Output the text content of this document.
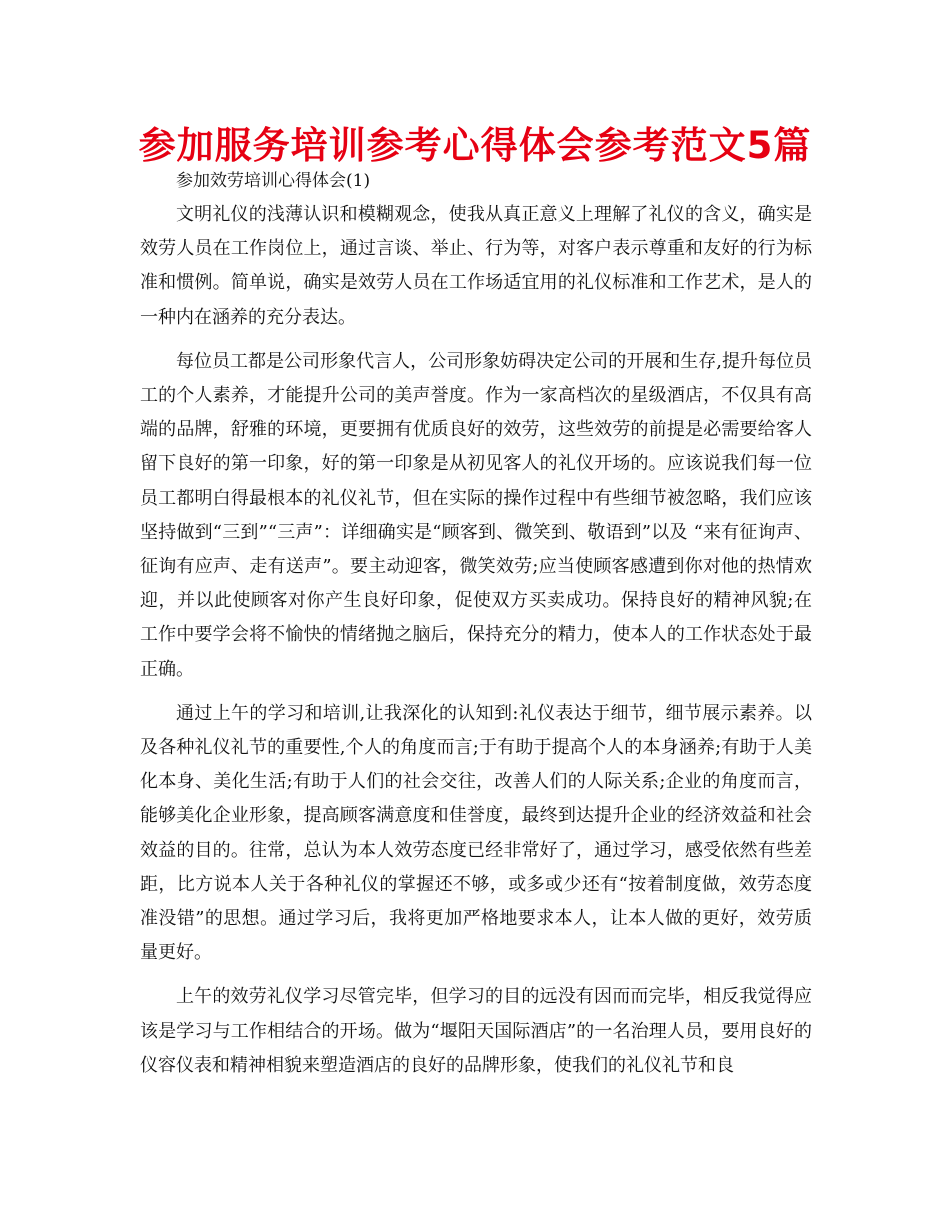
参加服务培训参考心得体会参考范文5篇

参加效劳培训心得体会(1)

文明礼仪的浅薄认识和模糊观念，使我从真正意义上理解了礼仪的含义，确实是效劳人员在工作岗位上，通过言谈、举止、行为等，对客户表示尊重和友好的行为标准和惯例。简单说，确实是效劳人员在工作场适宜用的礼仪标准和工作艺术，是人的一种内在涵养的充分表达。

每位员工都是公司形象代言人，公司形象妨碍决定公司的开展和生存,提升每位员工的个人素养，才能提升公司的美声誉度。作为一家高档次的星级酒店，不仅具有高端的品牌，舒雅的环境，更要拥有优质良好的效劳，这些效劳的前提是必需要给客人留下良好的第一印象，好的第一印象是从初见客人的礼仪开场的。应该说我们每一位员工都明白得最根本的礼仪礼节，但在实际的操作过程中有些细节被忽略，我们应该坚持做到“三到”“三声”：详细确实是“顾客到、微笑到、敬语到”以及 “来有征询声、征询有应声、走有送声”。要主动迎客，微笑效劳;应当使顾客感遭到你对他的热情欢迎，并以此使顾客对你产生良好印象，促使双方买卖成功。保持良好的精神风貌;在工作中要学会将不愉快的情绪抛之脑后，保持充分的精力，使本人的工作状态处于最正确。

通过上午的学习和培训,让我深化的认知到:礼仪表达于细节，细节展示素养。以及各种礼仪礼节的重要性,个人的角度而言;于有助于提高个人的本身涵养;有助于人美化本身、美化生活;有助于人们的社会交往，改善人们的人际关系;企业的角度而言，能够美化企业形象，提高顾客满意度和佳誉度，最终到达提升企业的经济效益和社会效益的目的。往常，总认为本人效劳态度已经非常好了，通过学习，感受依然有些差距，比方说本人关于各种礼仪的掌握还不够，或多或少还有“按着制度做，效劳态度准没错”的思想。通过学习后，我将更加严格地要求本人，让本人做的更好，效劳质量更好。

上午的效劳礼仪学习尽管完毕，但学习的目的远没有因而而完毕，相反我觉得应该是学习与工作相结合的开场。做为“堰阳天国际酒店”的一名治理人员，要用良好的仪容仪表和精神相貌来塑造酒店的良好的品牌形象，使我们的礼仪礼节和良
